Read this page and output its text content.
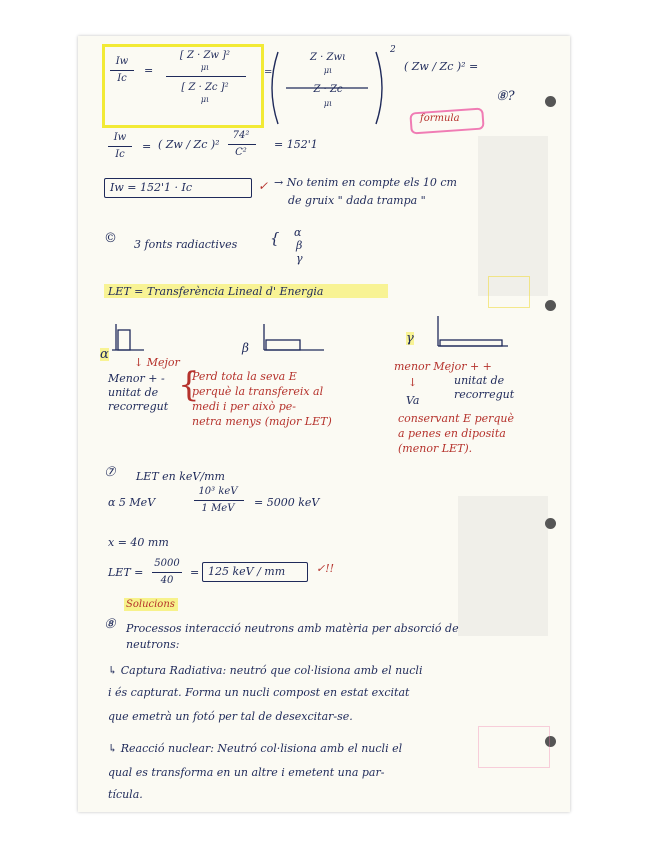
Iw
Ic
=
[ Z · Zw ]²
μι
[ Z · Zc ]²
μι
=
Z · Zwι
μι
Z · Zc
μι
2
( Zw / Zc )² =
formula
⑧?
Iw
Ic
= ( Zw / Zc )²
74²
C²
= 152'1
Iw = 152'1 · Ic	✓ → No tenim en compte els 10 cm
de gruix " dada trampa "
© 3 fonts radiactives { α
β
γ
LET = Transferència Lineal d' Energia
α
↓ Mejor
Menor + -
unitat de
recorregut
{
Perd tota la seva E
perquè la transfereix al
medi i per això pe-
netra menys (major LET)
β
γ
menor Mejor + +
unitat de
recorregut
↓
Va
conservant E perquè
a penes en diposita
(menor LET).
⑦ LET en keV/mm
α 5 MeV
10³ keV
1 MeV	= 5000 keV
x = 40 mm
LET =
5000
40
= 125 keV / mm	✓!!
Solucions
⑧ Processos interacció neutrons amb matèria per absorció de
neutrons:
↳ Captura Radiativa: neutró que col·lisiona amb el nucli
i és capturat. Forma un nucli compost en estat excitat
que emetrà un fotó per tal de desexcitar-se.
↳ Reacció nuclear: Neutró col·lisiona amb el nucli el
qual es transforma en un altre i emetent una par-
tícula.
